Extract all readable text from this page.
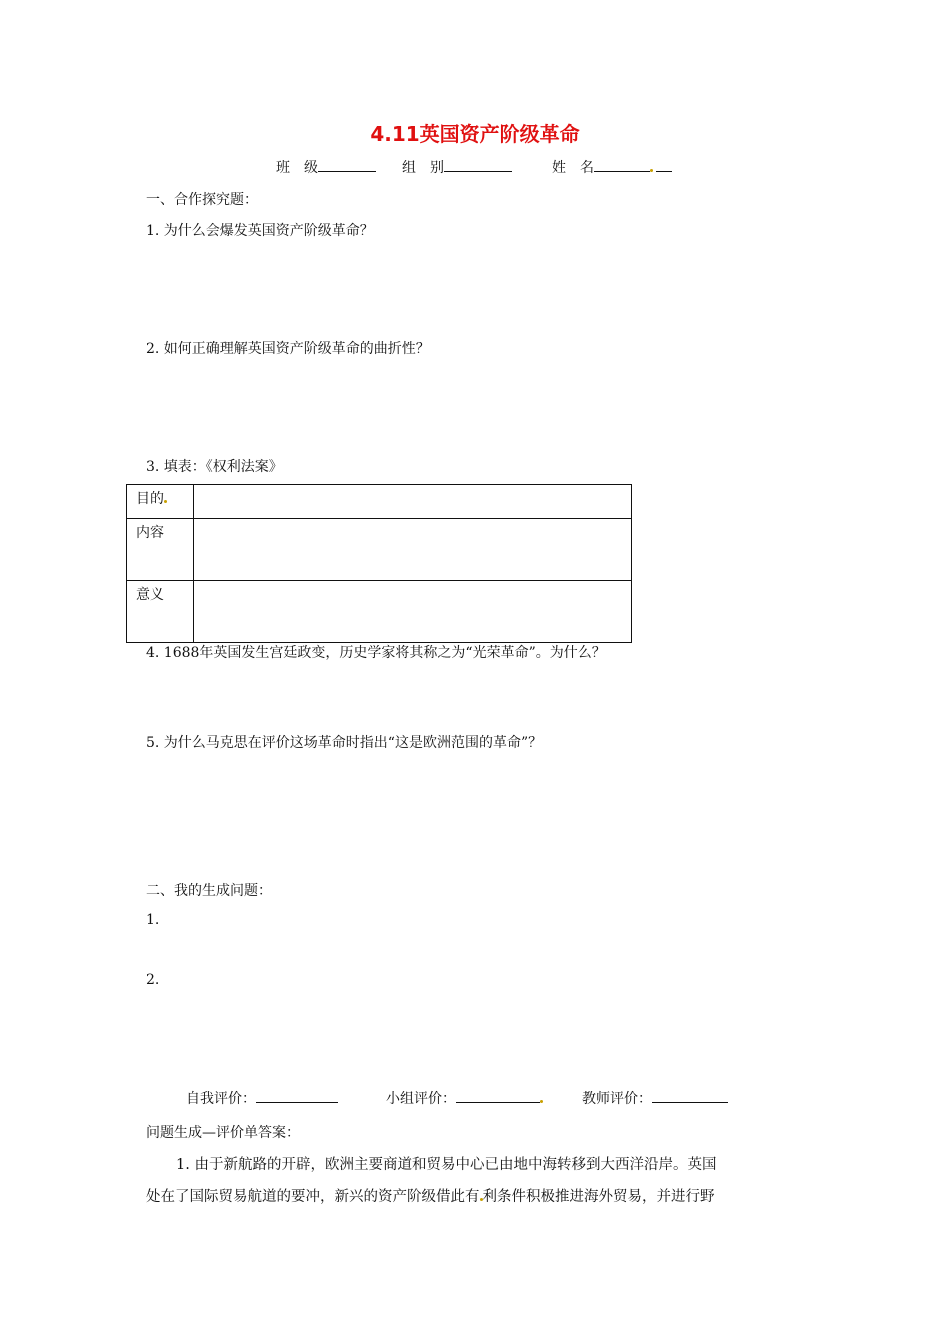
4.11英国资产阶级革命
班　级	组　别	姓　名
一、合作探究题：
1. 为什么会爆发英国资产阶级革命？
2. 如何正确理解英国资产阶级革命的曲折性？
3. 填表：《权利法案》
目的	
内容	
意义	
4. 1688年英国发生宫廷政变，历史学家将其称之为“光荣革命”。为什么？
5. 为什么马克思在评价这场革命时指出“这是欧洲范围的革命”？
二、我的生成问题：
1.
2.
自我评价：	小组评价：	教师评价：
问题生成—评价单答案：
1. 由于新航路的开辟，欧洲主要商道和贸易中心已由地中海转移到大西洋沿岸。英国
处在了国际贸易航道的要冲，新兴的资产阶级借此有 利条件积极推进海外贸易，并进行野
